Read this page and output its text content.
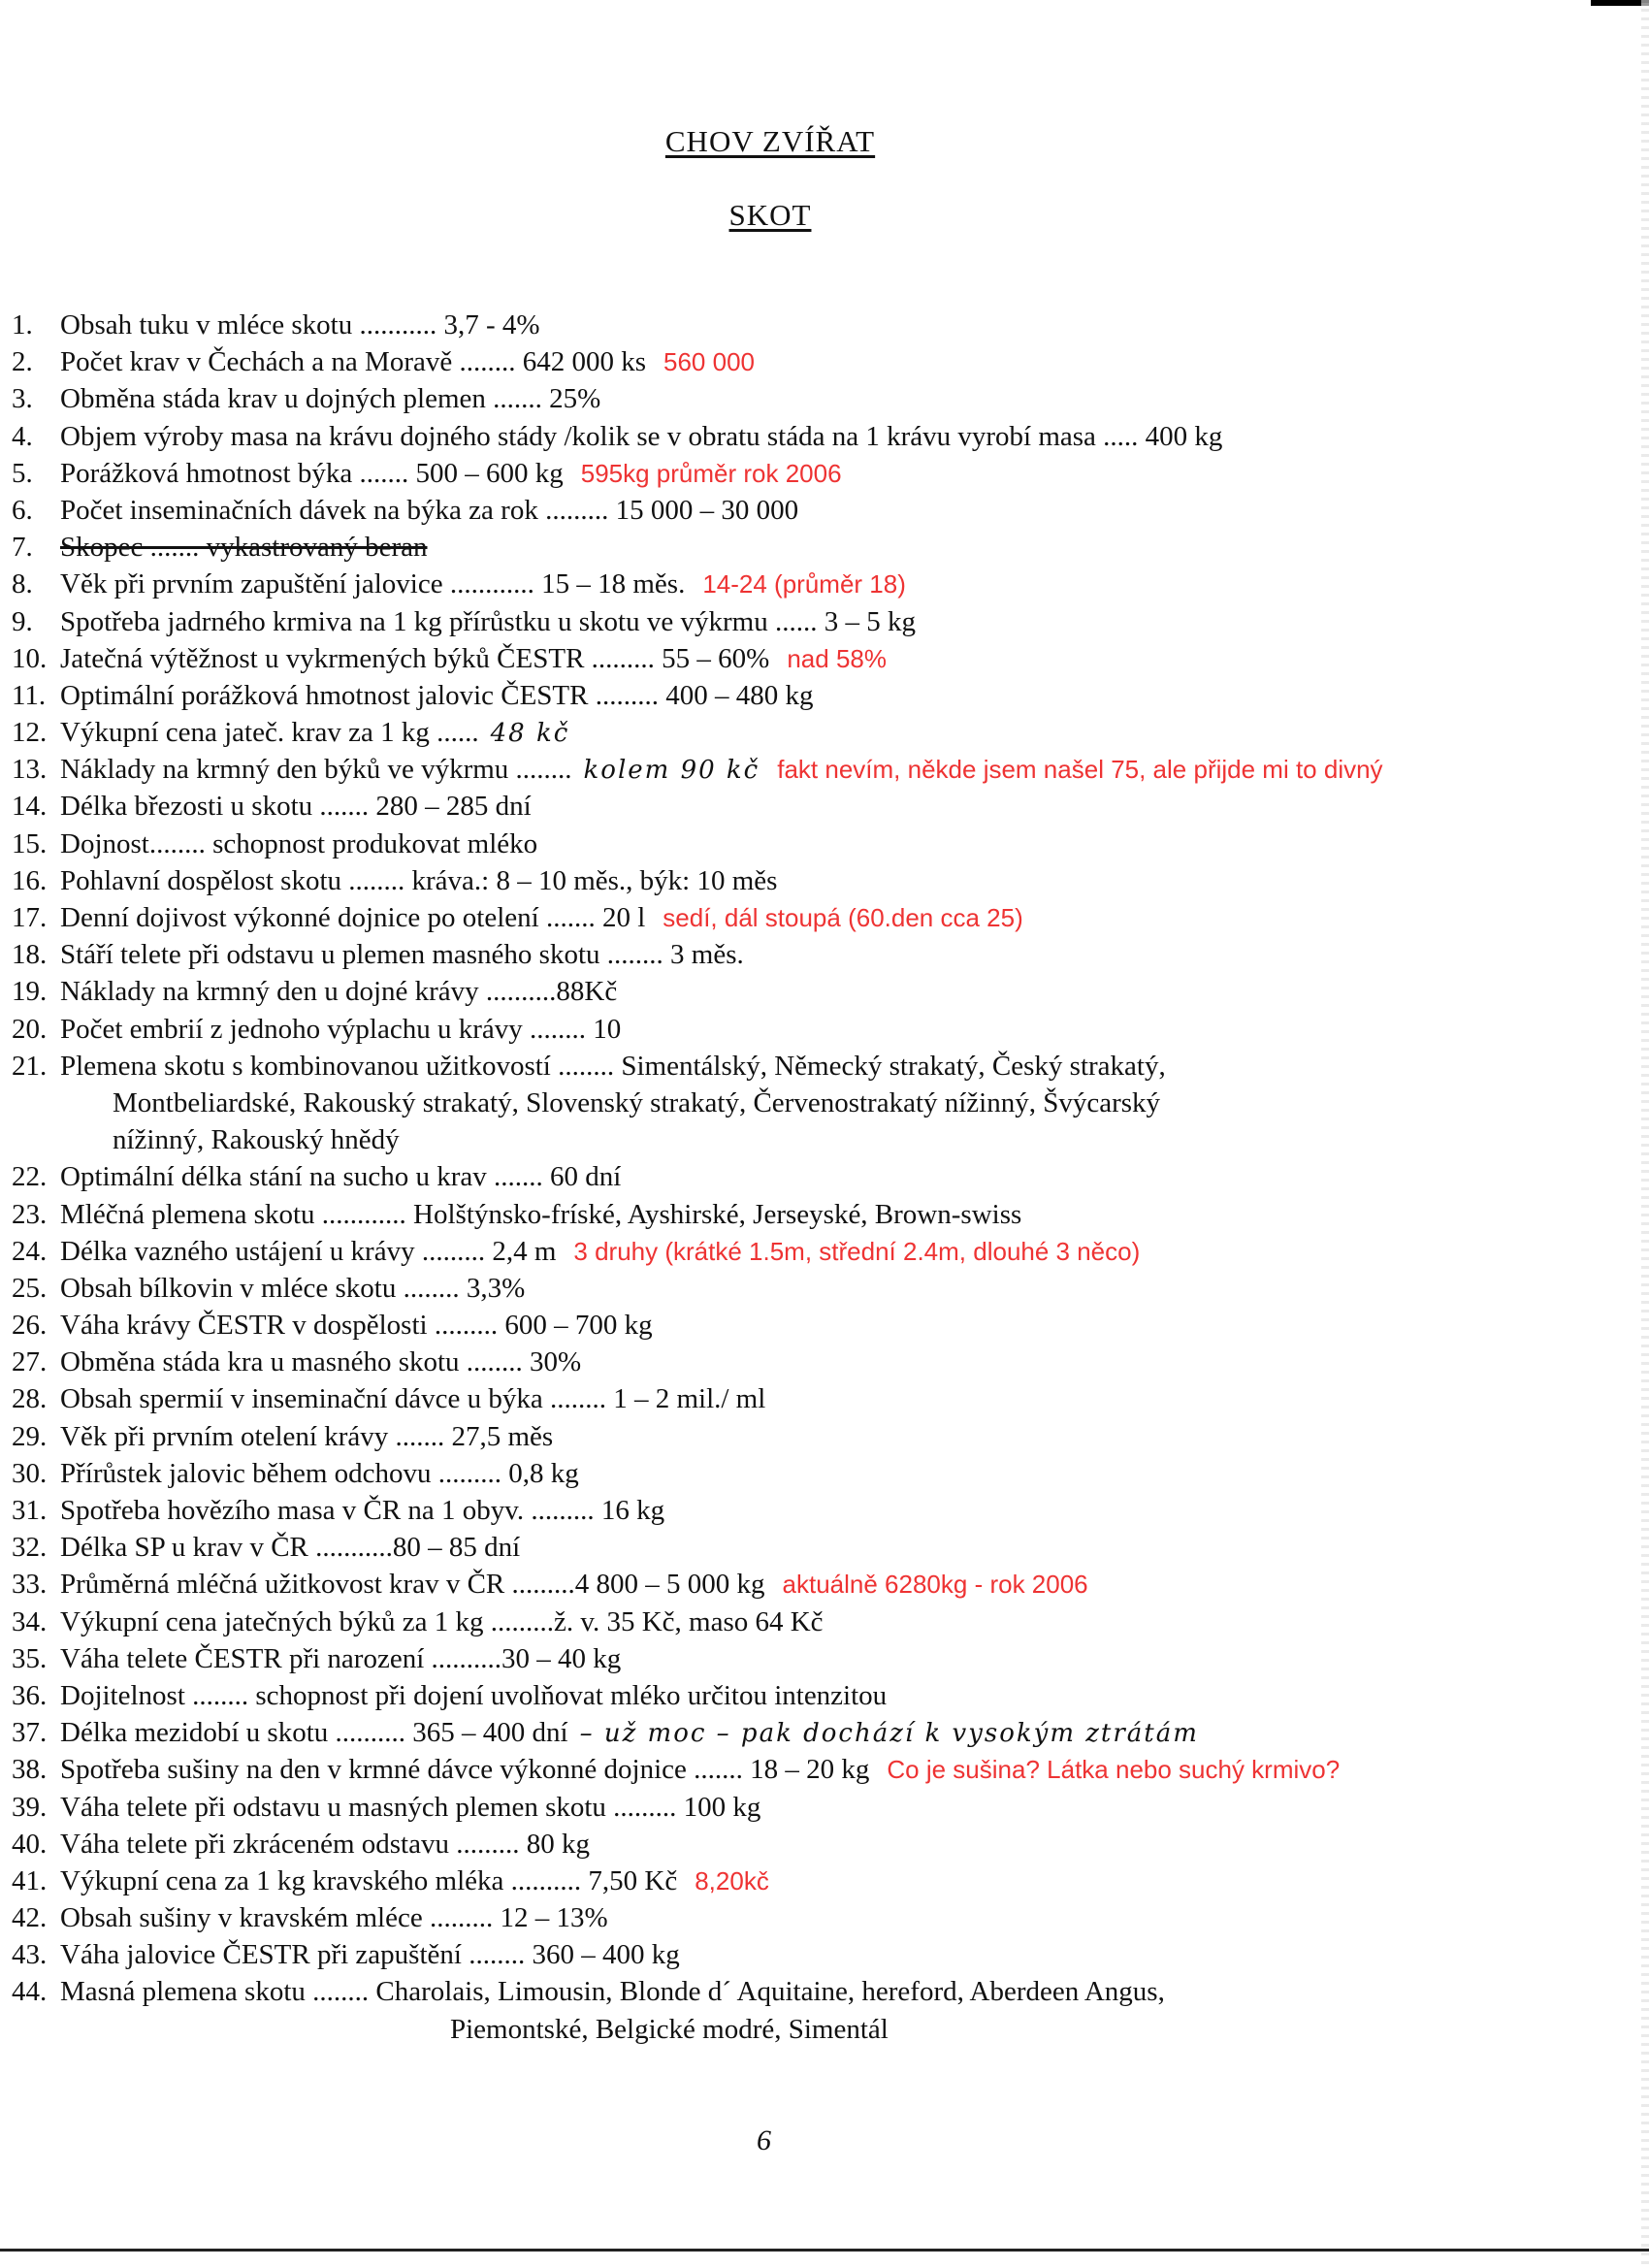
CHOV ZVÍŘAT
SKOT
1. Obsah tuku v mléce skotu ........... 3,7 - 4%
2. Počet krav v Čechách a na Moravě ........ 642 000 ks 560 000
3. Obměna stáda krav u dojných plemen ....... 25%
4. Objem výroby masa na krávu dojného stády /kolik se v obratu stáda na 1 krávu vyrobí masa ..... 400 kg
5. Porážková hmotnost býka ....... 500 – 600 kg 595kg průměr rok 2006
6. Počet inseminačních dávek na býka za rok ......... 15 000 – 30 000
7. Skopec ....... vykastrovaný beran
8. Věk při prvním zapuštění jalovice ............ 15 – 18 měs. 14-24 (průměr 18)
9. Spotřeba jadrného krmiva na 1 kg přírůstku u skotu ve výkrmu ...... 3 – 5 kg
10. Jatečná výtěžnost u vykrmených býků ČESTR ......... 55 – 60% nad 58%
11. Optimální porážková hmotnost jalovic ČESTR ......... 400 – 480 kg
12. Výkupní cena jateč. krav za 1 kg ...... 48 kč
13. Náklady na krmný den býků ve výkrmu ........ kolem 90 kč fakt nevím, někde jsem našel 75, ale přijde mi to divný
14. Délka březosti u skotu ....... 280 – 285 dní
15. Dojnost........ schopnost produkovat mléko
16. Pohlavní dospělost skotu ........ kráva.: 8 – 10 měs., býk: 10 měs
17. Denní dojivost výkonné dojnice po otelení ....... 20 l sedí, dál stoupá (60.den cca 25)
18. Stáří telete při odstavu u plemen masného skotu ........ 3 měs.
19. Náklady na krmný den u dojné krávy ..........88Kč
20. Počet embrií z jednoho výplachu u krávy ........ 10
21. Plemena skotu s kombinovanou užitkovostí ........ Simentálský, Německý strakatý, Český strakatý,
Montbeliardské, Rakouský strakatý, Slovenský strakatý, Červenostrakatý nížinný, Švýcarský
nížinný, Rakouský hnědý
22. Optimální délka stání na sucho u krav ....... 60 dní
23. Mléčná plemena skotu ............ Holštýnsko-fríské, Ayshirské, Jerseyské, Brown-swiss
24. Délka vazného ustájení u krávy ......... 2,4 m 3 druhy (krátké 1.5m, střední 2.4m, dlouhé 3 něco)
25. Obsah bílkovin v mléce skotu ........ 3,3%
26. Váha krávy ČESTR v dospělosti ......... 600 – 700 kg
27. Obměna stáda kra u masného skotu ........ 30%
28. Obsah spermií v inseminační dávce u býka ........ 1 – 2 mil./ ml
29. Věk při prvním otelení krávy ....... 27,5 měs
30. Přírůstek jalovic během odchovu ......... 0,8 kg
31. Spotřeba hovězího masa v ČR na 1 obyv. ......... 16 kg
32. Délka SP u krav v ČR ...........80 – 85 dní
33. Průměrná mléčná užitkovost krav v ČR .........4 800 – 5 000 kg aktuálně 6280kg - rok 2006
34. Výkupní cena jatečných býků za 1 kg .........ž. v. 35 Kč, maso 64 Kč
35. Váha telete ČESTR při narození ..........30 – 40 kg
36. Dojitelnost ........ schopnost při dojení uvolňovat mléko určitou intenzitou
37. Délka mezidobí u skotu .......... 365 – 400 dní – už moc – pak dochází k vysokým ztrátám
38. Spotřeba sušiny na den v krmné dávce výkonné dojnice ....... 18 – 20 kg Co je sušina? Látka nebo suchý krmivo?
39. Váha telete při odstavu u masných plemen skotu ......... 100 kg
40. Váha telete při zkráceném odstavu ......... 80 kg
41. Výkupní cena za 1 kg kravského mléka .......... 7,50 Kč 8,20kč
42. Obsah sušiny v kravském mléce ......... 12 – 13%
43. Váha jalovice ČESTR při zapuštění ........ 360 – 400 kg
44. Masná plemena skotu ........ Charolais, Limousin, Blonde d´ Aquitaine, hereford, Aberdeen Angus,
Piemontské, Belgické modré, Simentál
6
